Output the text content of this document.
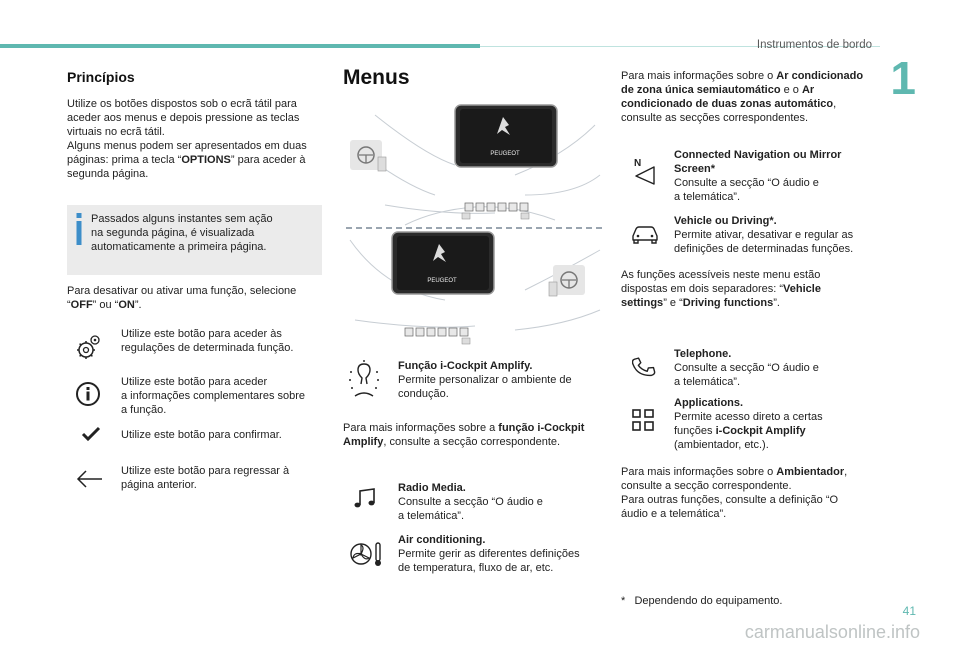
Instrumentos de bordo
1
Princípios
Utilize os botões dispostos sob o ecrã tátil para
aceder aos menus e depois pressione as teclas
virtuais no ecrã tátil.
Alguns menus podem ser apresentados em duas
páginas: prima a tecla “OPTIONS” para aceder à
segunda página.
Passados alguns instantes sem ação
na segunda página, é visualizada
automaticamente a primeira página.
Para desativar ou ativar uma função, selecione
“OFF” ou “ON”.
Utilize este botão para aceder às
regulações de determinada função.
Utilize este botão para aceder
a informações complementares sobre
a função.
Utilize este botão para confirmar.
Utilize este botão para regressar à
página anterior.
Menus
PEUGEOT
PEUGEOT
Função i-Cockpit Amplify.
Permite personalizar o ambiente de
condução.
Para mais informações sobre a função i-Cockpit
Amplify, consulte a secção correspondente.
Radio Media.
Consulte a secção “O áudio e
a telemática”.
Air conditioning.
Permite gerir as diferentes definições
de temperatura, fluxo de ar, etc.
Para mais informações sobre o Ar condicionado
de zona única semiautomático e o Ar
condicionado de duas zonas automático,
consulte as secções correspondentes.
N
Connected Navigation ou Mirror
Screen*
Consulte a secção “O áudio e
a telemática”.
Vehicle ou Driving*.
Permite ativar, desativar e regular as
definições de determinadas funções.
As funções acessíveis neste menu estão
dispostas em dois separadores: “Vehicle
settings” e “Driving functions”.
Telephone.
Consulte a secção “O áudio e
a telemática”.
Applications.
Permite acesso direto a certas
funções i-Cockpit Amplify
(ambientador, etc.).
Para mais informações sobre o Ambientador,
consulte a secção correspondente.
Para outras funções, consulte a definição “O
áudio e a telemática”.
* Dependendo do equipamento.
41
carmanualsonline.info
